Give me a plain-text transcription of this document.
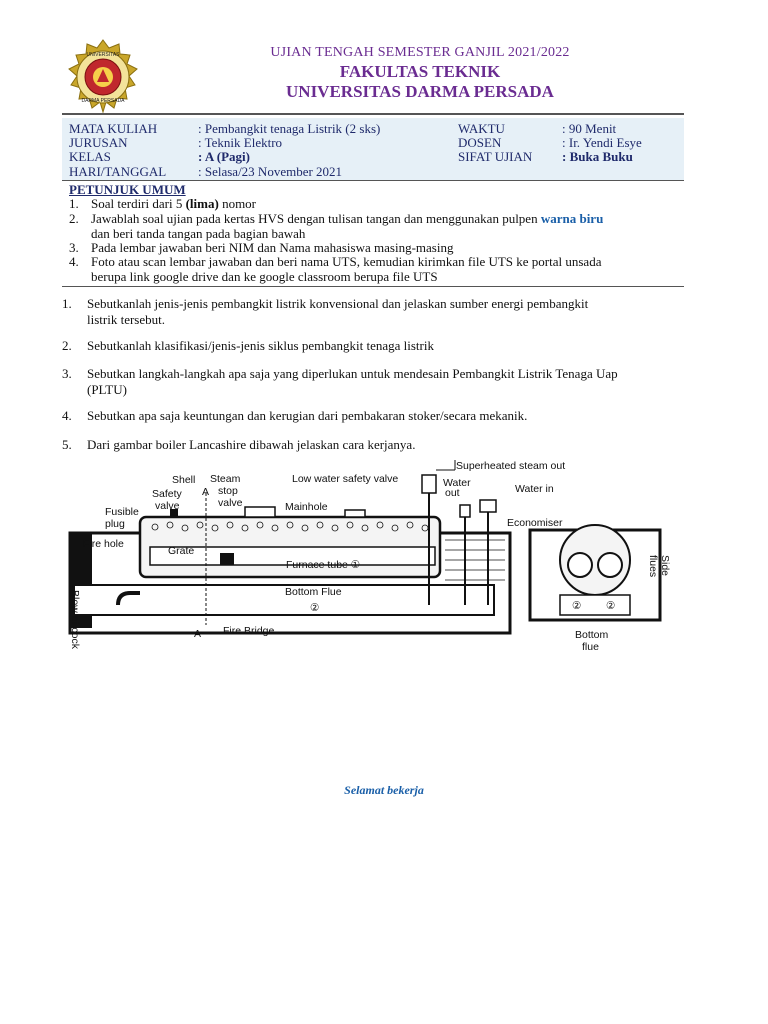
UNIVERSITAS
DARMA PERSADA
UJIAN TENGAH SEMESTER GANJIL 2021/2022
FAKULTAS TEKNIK
UNIVERSITAS DARMA PERSADA
MATA KULIAH	: Pembangkit tenaga Listrik (2 sks)
JURUSAN	: Teknik Elektro
KELAS	: A (Pagi)
HARI/TANGGAL : Selasa/23 November 2021
WAKTU	: 90 Menit
DOSEN	: Ir. Yendi Esye
SIFAT UJIAN : Buka Buku
PETUNJUK UMUM
1. Soal terdiri dari 5 (lima) nomor
2. Jawablah soal ujian pada kertas HVS dengan tulisan tangan dan menggunakan pulpen warna biru
dan beri tanda tangan pada bagian bawah
3. Pada lembar jawaban beri NIM dan Nama mahasiswa masing-masing
4. Foto atau scan lembar jawaban dan beri nama UTS, kemudian kirimkan file UTS ke portal unsada
berupa link google drive dan ke google classroom berupa file UTS
1. Sebutkanlah jenis-jenis pembangkit listrik konvensional dan jelaskan sumber energi pembangkit
listrik tersebut.
2. Sebutkanlah klasifikasi/jenis-jenis siklus pembangkit tenaga listrik
3. Sebutkan langkah-langkah apa saja yang diperlukan untuk mendesain Pembangkit Listrik Tenaga Uap
(PLTU)
4. Sebutkan apa saja keuntungan dan kerugian dari pembakaran stoker/secara mekanik.
5. Dari gambar boiler Lancashire dibawah jelaskan cara kerjanya.
Shell
A
Steam
stop
valve
Safety
valve
Low water safety valve
Superheated steam out
Water
out	Water in
Fusible
plug
Mainhole
Economiser
Fire hole
Grate
Furnace tube ①
Bottom Flue
②
A Fire Bridge
Blow of cock
Side
flues
② ②
Bottom
flue
Selamat bekerja
